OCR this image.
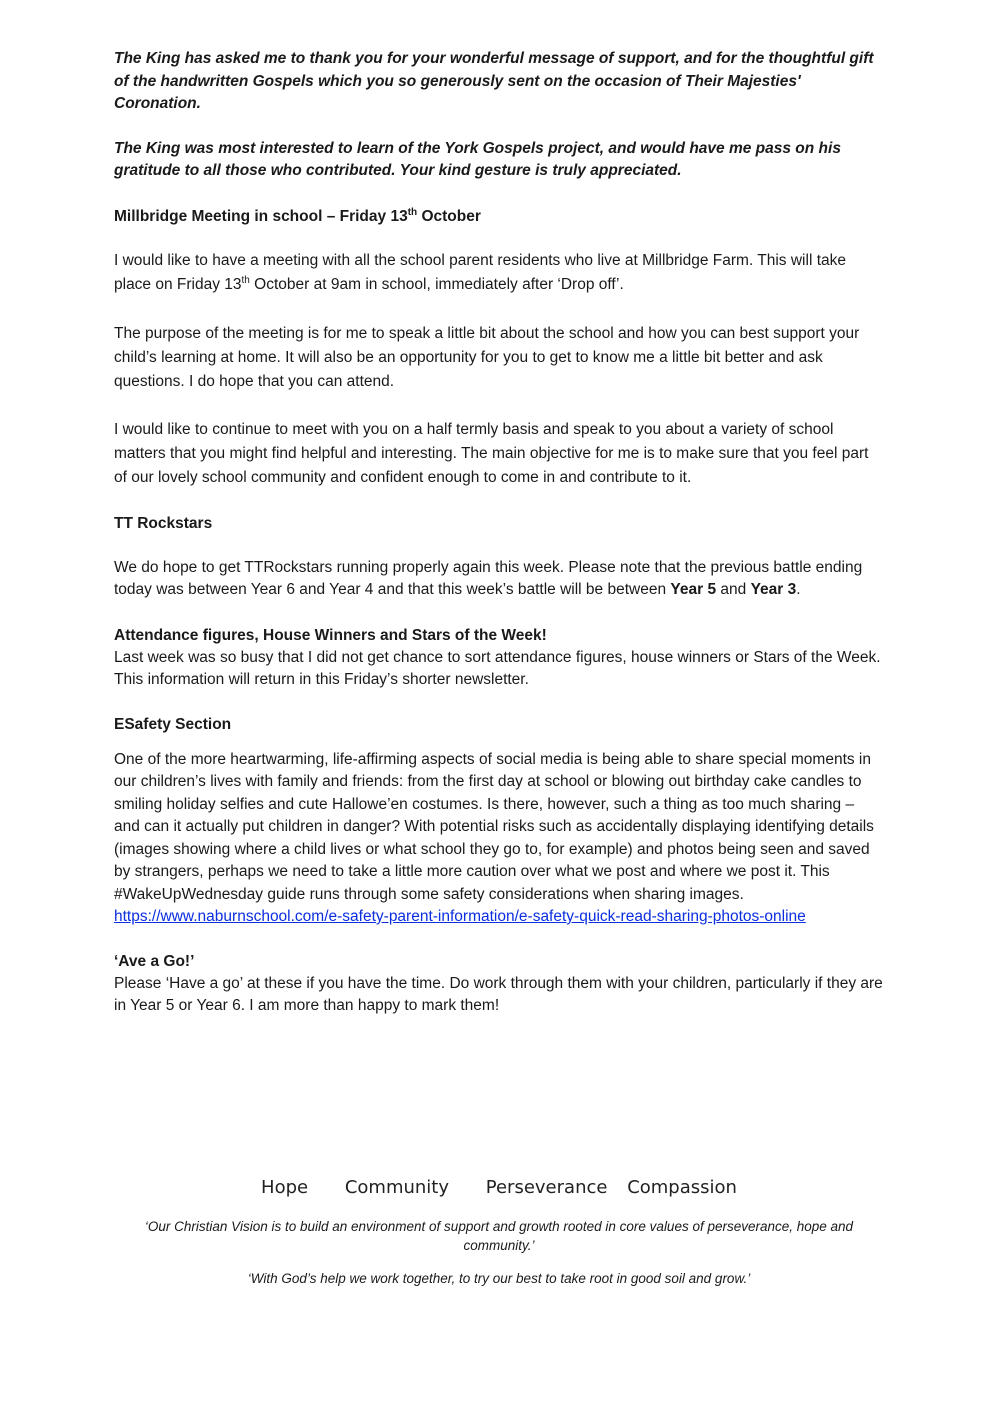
The King has asked me to thank you for your wonderful message of support, and for the thoughtful gift of the handwritten Gospels which you so generously sent on the occasion of Their Majesties' Coronation.

The King was most interested to learn of the York Gospels project, and would have me pass on his gratitude to all those who contributed. Your kind gesture is truly appreciated.

Millbridge Meeting in school – Friday 13th October

I would like to have a meeting with all the school parent residents who live at Millbridge Farm. This will take place on Friday 13th October at 9am in school, immediately after ‘Drop off’.

The purpose of the meeting is for me to speak a little bit about the school and how you can best support your child’s learning at home. It will also be an opportunity for you to get to know me a little bit better and ask questions. I do hope that you can attend.

I would like to continue to meet with you on a half termly basis and speak to you about a variety of school matters that you might find helpful and interesting. The main objective for me is to make sure that you feel part of our lovely school community and confident enough to come in and contribute to it.

TT Rockstars

We do hope to get TTRockstars running properly again this week. Please note that the previous battle ending today was between Year 6 and Year 4 and that this week’s battle will be between Year 5 and Year 3.

Attendance figures, House Winners and Stars of the Week!

Last week was so busy that I did not get chance to sort attendance figures, house winners or Stars of the Week. This information will return in this Friday’s shorter newsletter.

ESafety Section

One of the more heartwarming, life-affirming aspects of social media is being able to share special moments in our children’s lives with family and friends: from the first day at school or blowing out birthday cake candles to smiling holiday selfies and cute Hallowe’en costumes. Is there, however, such a thing as too much sharing – and can it actually put children in danger? With potential risks such as accidentally displaying identifying details (images showing where a child lives or what school they go to, for example) and photos being seen and saved by strangers, perhaps we need to take a little more caution over what we post and where we post it. This #WakeUpWednesday guide runs through some safety considerations when sharing images. https://www.naburnschool.com/e-safety-parent-information/e-safety-quick-read-sharing-photos-online

‘Ave a Go!’

Please ‘Have a go’ at these if you have the time. Do work through them with your children, particularly if they are in Year 5 or Year 6. I am more than happy to mark them!

Hope Community Perseverance Compassion

‘Our Christian Vision is to build an environment of support and growth rooted in core values of perseverance, hope and community.’

‘With God’s help we work together, to try our best to take root in good soil and grow.’
